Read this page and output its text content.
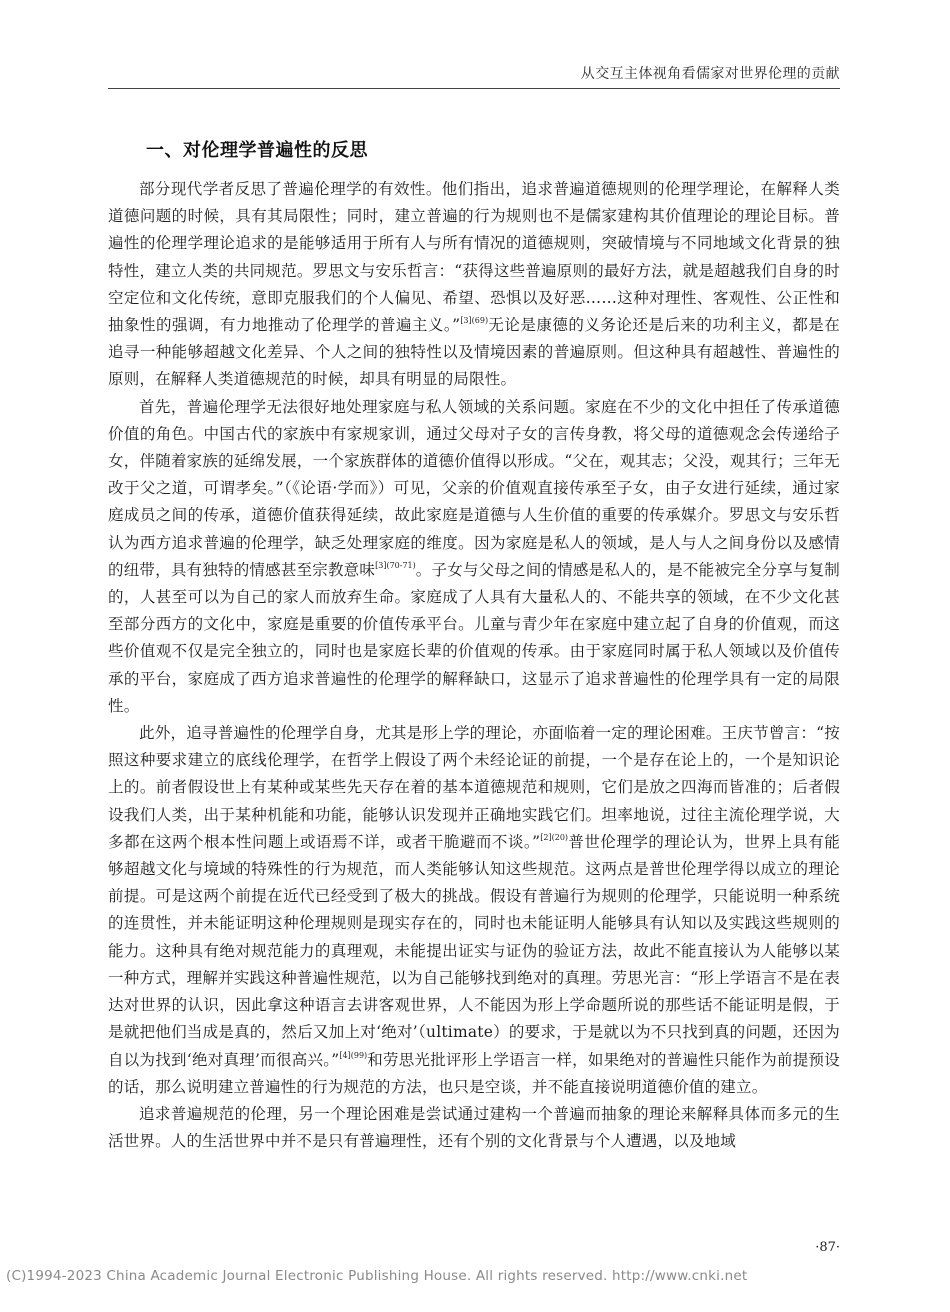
从交互主体视角看儒家对世界伦理的贡献
一、对伦理学普遍性的反思

部分现代学者反思了普遍伦理学的有效性。他们指出，追求普遍道德规则的伦理学理论，在解释人类道德问题的时候，具有其局限性；同时，建立普遍的行为规则也不是儒家建构其价值理论的理论目标。普遍性的伦理学理论追求的是能够适用于所有人与所有情况的道德规则，突破情境与不同地域文化背景的独特性，建立人类的共同规范。罗思文与安乐哲言：“获得这些普遍原则的最好方法，就是超越我们自身的时空定位和文化传统，意即克服我们的个人偏见、希望、恐惧以及好恶……这种对理性、客观性、公正性和抽象性的强调，有力地推动了伦理学的普遍主义。”$^{[3](69)}$无论是康德的义务论还是后来的功利主义，都是在追寻一种能够超越文化差异、个人之间的独特性以及情境因素的普遍原则。但这种具有超越性、普遍性的原则，在解释人类道德规范的时候，却具有明显的局限性。

首先，普遍伦理学无法很好地处理家庭与私人领域的关系问题。家庭在不少的文化中担任了传承道德价值的角色。中国古代的家族中有家规家训，通过父母对子女的言传身教，将父母的道德观念会传递给子女，伴随着家族的延绵发展，一个家族群体的道德价值得以形成。“父在，观其志；父没，观其行；三年无改于父之道，可谓孝矣。”（《论语·学而》）可见，父亲的价值观直接传承至子女，由子女进行延续，通过家庭成员之间的传承，道德价值获得延续，故此家庭是道德与人生价值的重要的传承媒介。罗思文与安乐哲认为西方追求普遍的伦理学，缺乏处理家庭的维度。因为家庭是私人的领域，是人与人之间身份以及感情的纽带，具有独特的情感甚至宗教意味$^{[3](70-71)}$。子女与父母之间的情感是私人的，是不能被完全分享与复制的，人甚至可以为自己的家人而放弃生命。家庭成了人具有大量私人的、不能共享的领域，在不少文化甚至部分西方的文化中，家庭是重要的价值传承平台。儿童与青少年在家庭中建立起了自身的价值观，而这些价值观不仅是完全独立的，同时也是家庭长辈的价值观的传承。由于家庭同时属于私人领域以及价值传承的平台，家庭成了西方追求普遍性的伦理学的解释缺口，这显示了追求普遍性的伦理学具有一定的局限性。

此外，追寻普遍性的伦理学自身，尤其是形上学的理论，亦面临着一定的理论困难。王庆节曾言：“按照这种要求建立的底线伦理学，在哲学上假设了两个未经论证的前提，一个是存在论上的，一个是知识论上的。前者假设世上有某种或某些先天存在着的基本道德规范和规则，它们是放之四海而皆准的；后者假设我们人类，出于某种机能和功能，能够认识发现并正确地实践它们。坦率地说，过往主流伦理学说，大多都在这两个根本性问题上或语焉不详，或者干脆避而不谈。”$^{[2](20)}$普世伦理学的理论认为，世界上具有能够超越文化与境域的特殊性的行为规范，而人类能够认知这些规范。这两点是普世伦理学得以成立的理论前提。可是这两个前提在近代已经受到了极大的挑战。假设有普遍行为规则的伦理学，只能说明一种系统的连贯性，并未能证明这种伦理规则是现实存在的，同时也未能证明人能够具有认知以及实践这些规则的能力。这种具有绝对规范能力的真理观，未能提出证实与证伪的验证方法，故此不能直接认为人能够以某一种方式，理解并实践这种普遍性规范，以为自己能够找到绝对的真理。劳思光言：“形上学语言不是在表达对世界的认识，因此拿这种语言去讲客观世界，人不能因为形上学命题所说的那些话不能证明是假，于是就把他们当成是真的，然后又加上对‘绝对’（ultimate）的要求，于是就以为不只找到真的问题，还因为自以为找到‘绝对真理’而很高兴。”$^{[4](99)}$和劳思光批评形上学语言一样，如果绝对的普遍性只能作为前提预设的话，那么说明建立普遍性的行为规范的方法，也只是空谈，并不能直接说明道德价值的建立。

追求普遍规范的伦理，另一个理论困难是尝试通过建构一个普遍而抽象的理论来解释具体而多元的生活世界。人的生活世界中并不是只有普遍理性，还有个别的文化背景与个人遭遇，以及地域

·87·
(C)1994-2023 China Academic Journal Electronic Publishing House. All rights reserved. http://www.cnki.net
